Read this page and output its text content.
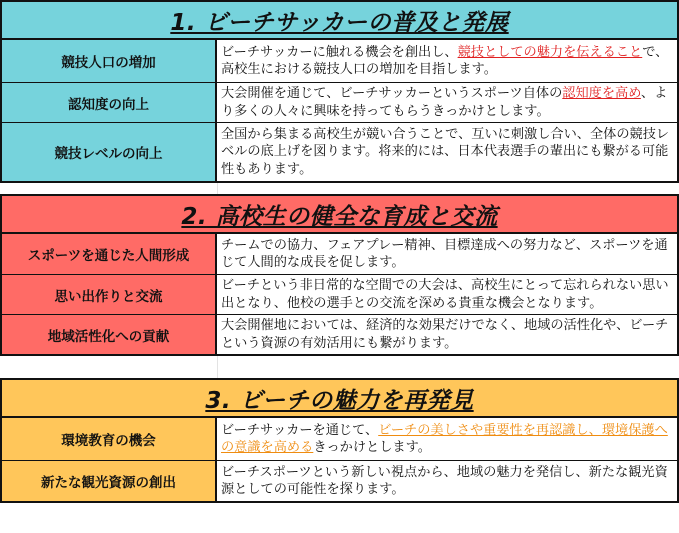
1. ビーチサッカーの普及と発展
競技人口の増加

ビーチサッカーに触れる機会を創出し、競技としての魅力を伝えることで、高校生における競技人口の増加を目指します。

認知度の向上

大会開催を通じて、ビーチサッカーというスポーツ自体の認知度を高め、より多くの人々に興味を持ってもらうきっかけとします。

競技レベルの向上

全国から集まる高校生が競い合うことで、互いに刺激し合い、全体の競技レベルの底上げを図ります。将来的には、日本代表選手の輩出にも繋がる可能性もあります。

2. 高校生の健全な育成と交流
スポーツを通じた人間形成

チームでの協力、フェアプレー精神、目標達成への努力など、スポーツを通じて人間的な成長を促します。

思い出作りと交流

ビーチという非日常的な空間での大会は、高校生にとって忘れられない思い出となり、他校の選手との交流を深める貴重な機会となります。

地域活性化への貢献

大会開催地においては、経済的な効果だけでなく、地域の活性化や、ビーチという資源の有効活用にも繋がります。

3. ビーチの魅力を再発見
環境教育の機会

ビーチサッカーを通じて、ビーチの美しさや重要性を再認識し、環境保護への意識を高めるきっかけとします。

新たな観光資源の創出

ビーチスポーツという新しい視点から、地域の魅力を発信し、新たな観光資源としての可能性を探ります。
